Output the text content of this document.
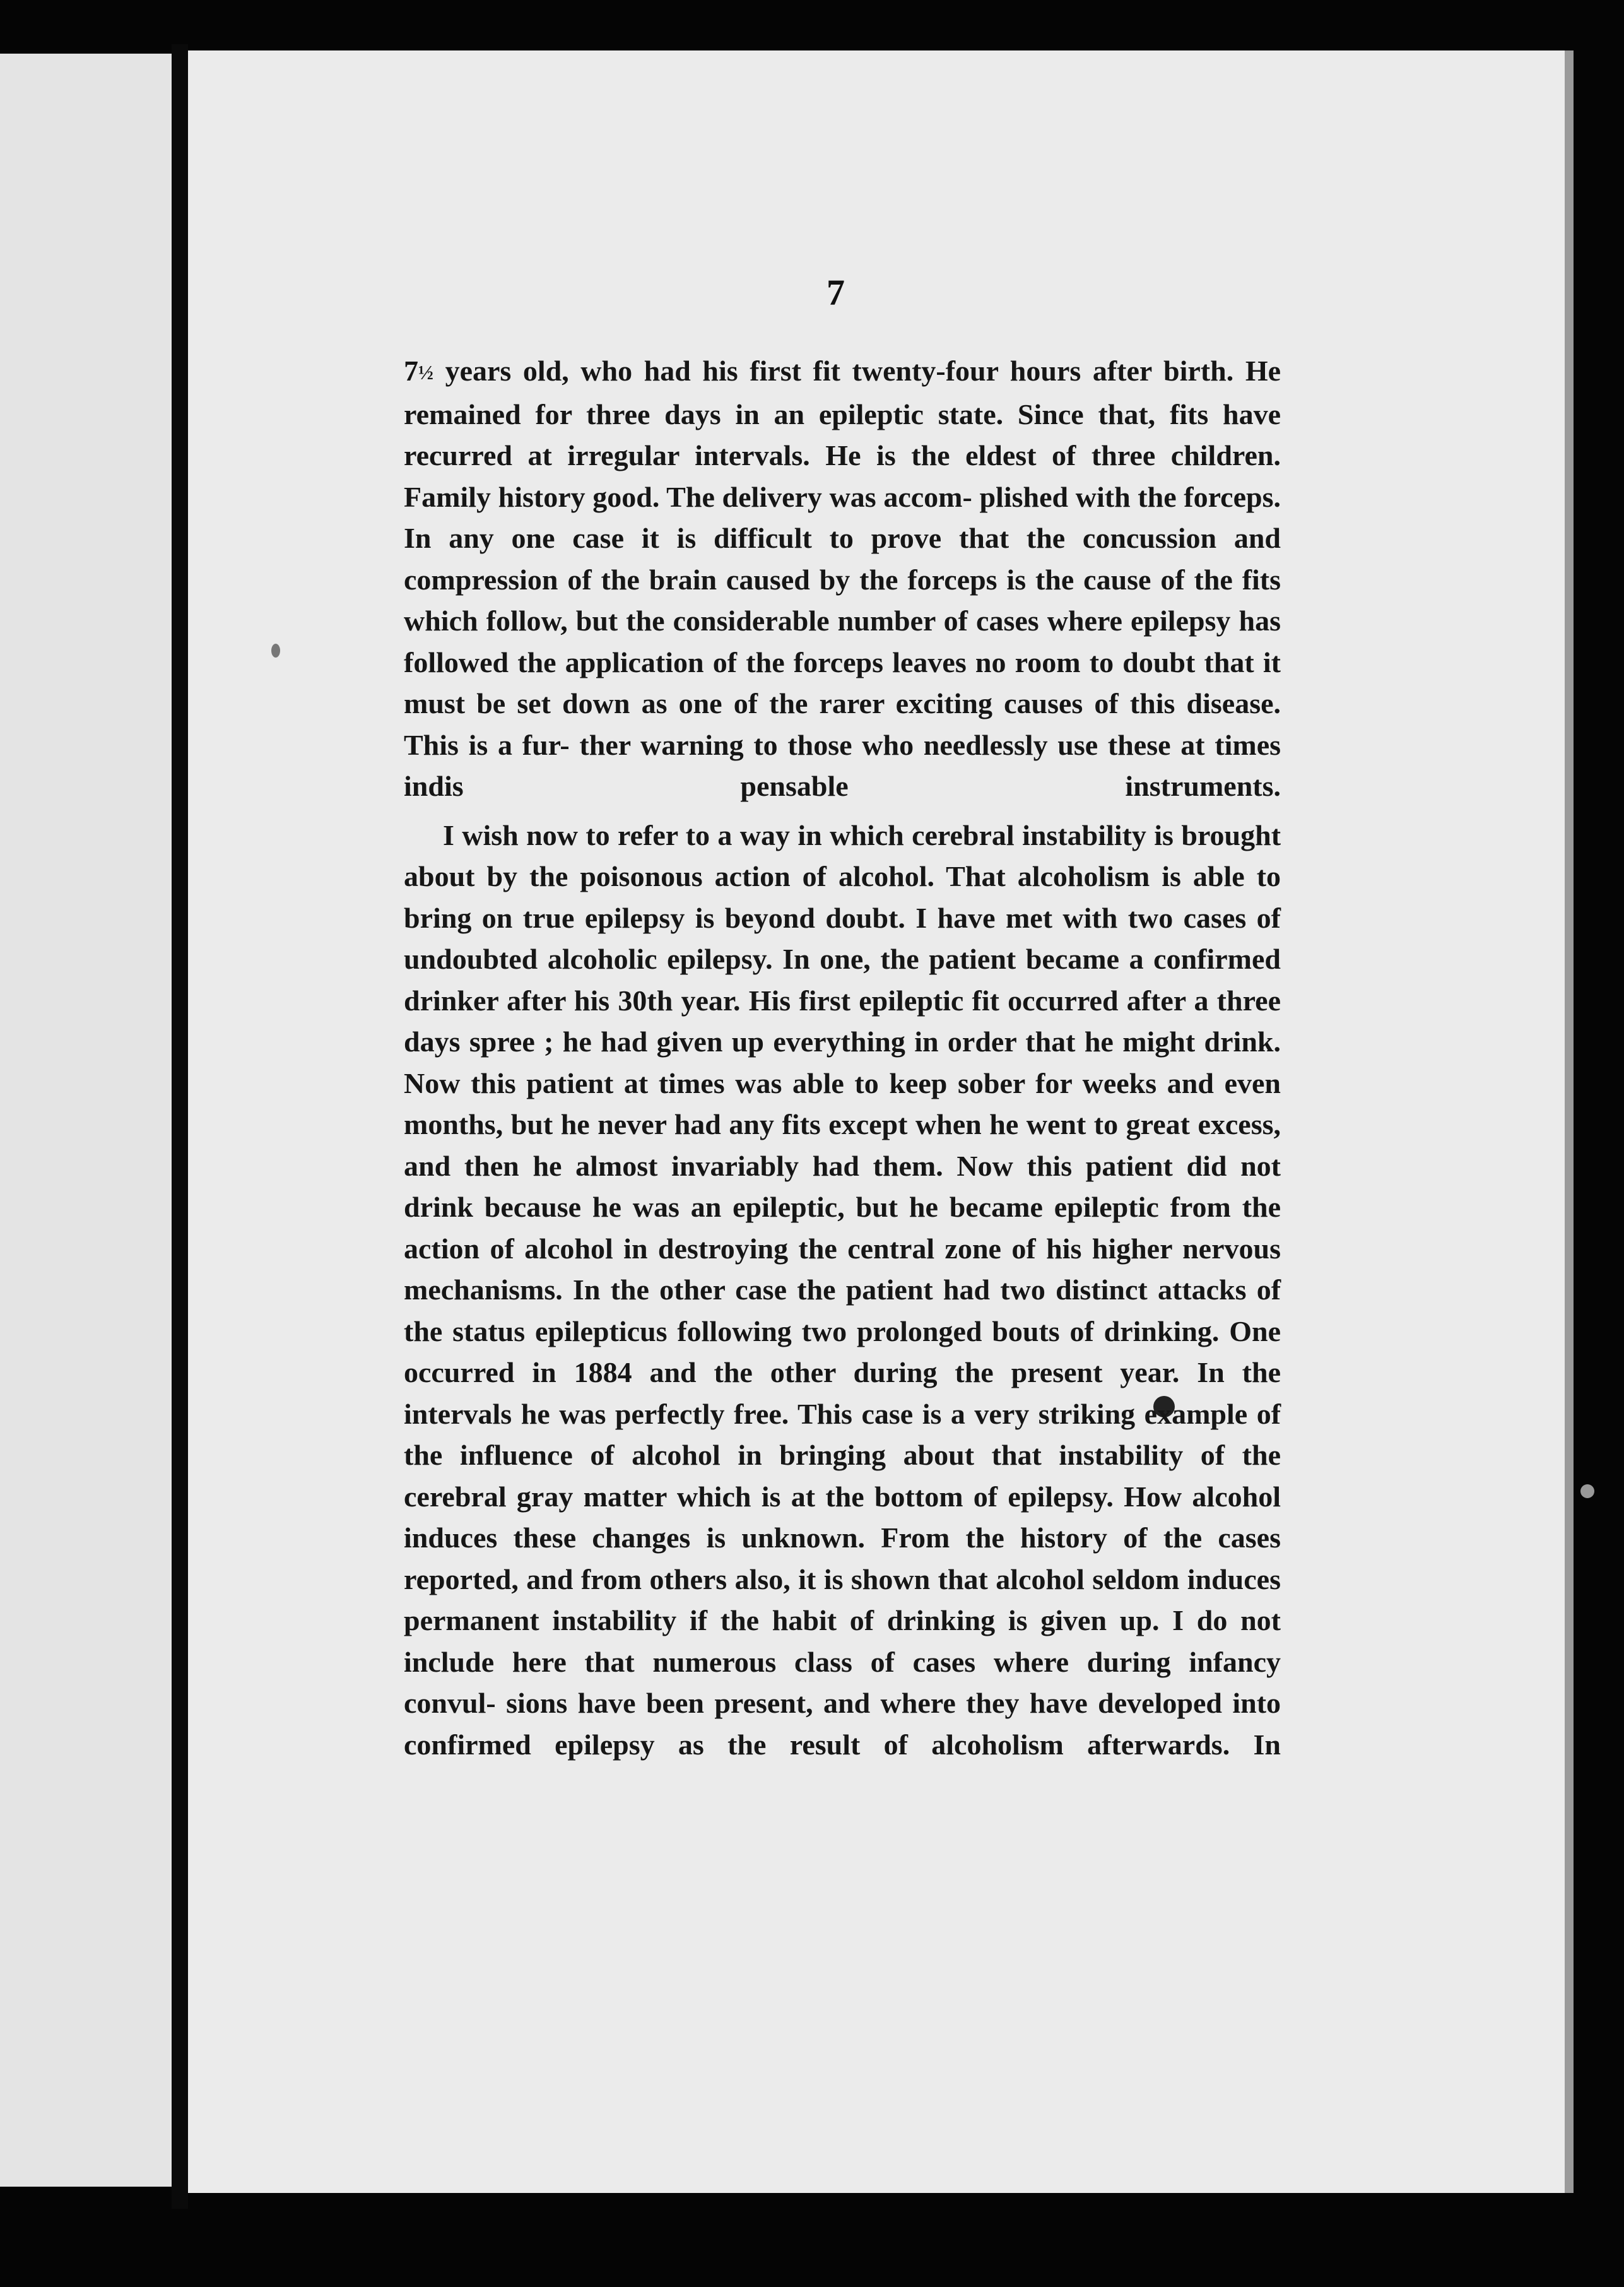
7

7½ years old, who had his first fit twenty-four hours after birth. He remained for three days in an epileptic state. Since that, fits have recurred at irregular intervals. He is the eldest of three children. Family history good. The delivery was accom- plished with the forceps. In any one case it is difficult to prove that the concussion and compression of the brain caused by the forceps is the cause of the fits which follow, but the considerable number of cases where epilepsy has followed the application of the forceps leaves no room to doubt that it must be set down as one of the rarer exciting causes of this disease. This is a fur- ther warning to those who needlessly use these at times indis	pensable instruments.

I wish now to refer to a way in which cerebral instability is brought about by the poisonous action of alcohol. That alcoholism is able to bring on true epilepsy is beyond doubt. I have met with two cases of undoubted alcoholic epilepsy. In one, the patient became a confirmed drinker after his 30th year. His first epileptic fit occurred after a three days spree ; he had given up everything in order that he might drink. Now this patient at times was able to keep sober for weeks and even months, but he never had any fits except when he went to great excess, and then he almost invariably had them. Now this patient did not drink because he was an epileptic, but he became epileptic from the action of alcohol in destroying the central zone of his higher nervous mechanisms. In the other case the patient had two distinct attacks of the status epilepticus following two prolonged bouts of drinking. One occurred in 1884 and the other during the present year. In the intervals he was perfectly free. This case is a very striking example of the influence of alcohol in bringing about that instability of the cerebral gray matter which is at the bottom of epilepsy. How alcohol induces these changes is unknown. From the history of the cases reported, and from others also, it is shown that alcohol seldom induces permanent instability if the habit of drinking is given up. I do not include here that numerous class of cases where during infancy convul- sions have been present, and where they have developed into confirmed epilepsy as the result of alcoholism afterwards. In
